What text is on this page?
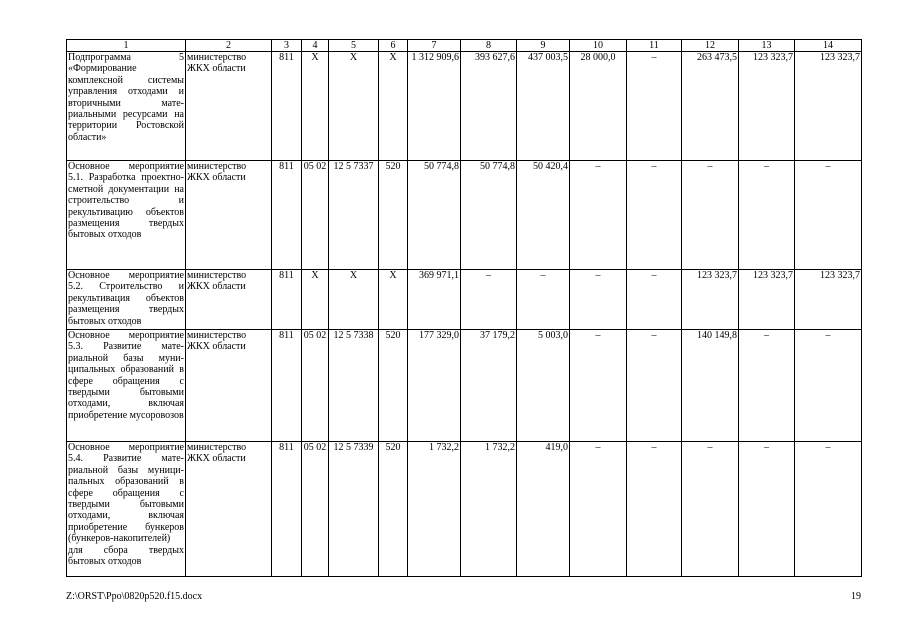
1	2	3	4	5	6	7	8	9	10	11	12	13	14
Подпрограмма 5 «Формирование комплексной системы управления отходами и вторичными материальными ресурсами на территории Ростовской области»	министерство ЖКХ области	811	Х	Х	Х	1 312 909,6	393 627,6	437 003,5	28 000,0	–	263 473,5	123 323,7	123 323,7
Основное мероприятие 5.1. Разработка проектно-сметной документации на строительство и рекультивацию объектов размещения твердых бытовых отходов	министерство ЖКХ области	811	05 02	12 5 7337	520	50 774,8	50 774,8	50 420,4	–	–	–	–	–
Основное мероприятие 5.2. Строительство и рекультивация объектов размещения твердых бытовых отходов	министерство ЖКХ области	811	Х	Х	Х	369 971,1	–	–	–	–	123 323,7	123 323,7	123 323,7
Основное мероприятие 5.3. Развитие материальной базы муниципальных образований в сфере обращения с твердыми бытовыми отходами, включая приобретение мусоровозов	министерство ЖКХ области	811	05 02	12 5 7338	520	177 329,0	37 179,2	5 003,0	–	–	140 149,8	–	–
Основное мероприятие 5.4. Развитие материальной базы муниципальных образований в сфере обращения с твердыми бытовыми отходами, включая приобретение бункеров (бункеров-накопителей) для сбора твердых бытовых отходов	министерство ЖКХ области	811	05 02	12 5 7339	520	1 732,2	1 732,2	419,0	–	–	–	–	–
Z:\ORST\Ppo\0820p520.f15.docx	19
